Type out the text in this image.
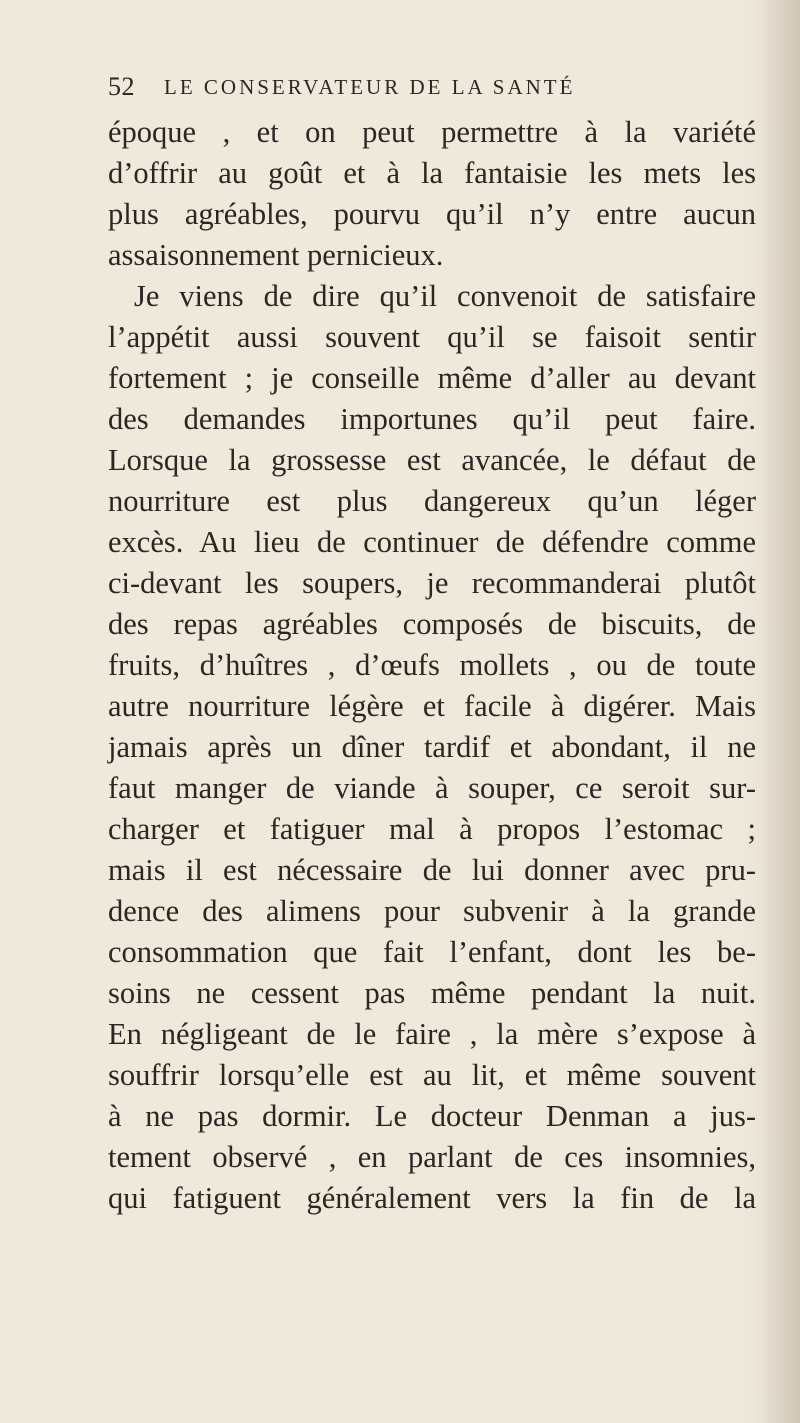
52 LE CONSERVATEUR DE LA SANTÉ
époque , et on peut permettre à la variété
d’offrir au goût et à la fantaisie les mets les
plus agréables, pourvu qu’il n’y entre aucun
assaisonnement pernicieux.
Je viens de dire qu’il convenoit de satisfaire
l’appétit aussi souvent qu’il se faisoit sentir
fortement ; je conseille même d’aller au devant
des demandes importunes qu’il peut faire.
Lorsque la grossesse est avancée, le défaut de
nourriture est plus dangereux qu’un léger
excès. Au lieu de continuer de défendre comme
ci-devant les soupers, je recommanderai plutôt
des repas agréables composés de biscuits, de
fruits, d’huîtres , d’œufs mollets , ou de toute
autre nourriture légère et facile à digérer. Mais
jamais après un dîner tardif et abondant, il ne
faut manger de viande à souper, ce seroit sur-
charger et fatiguer mal à propos l’estomac ;
mais il est nécessaire de lui donner avec pru-
dence des alimens pour subvenir à la grande
consommation que fait l’enfant, dont les be-
soins ne cessent pas même pendant la nuit.
En négligeant de le faire , la mère s’expose à
souffrir lorsqu’elle est au lit, et même souvent
à ne pas dormir. Le docteur Denman a jus-
tement observé , en parlant de ces insomnies,
qui fatiguent généralement vers la fin de la
